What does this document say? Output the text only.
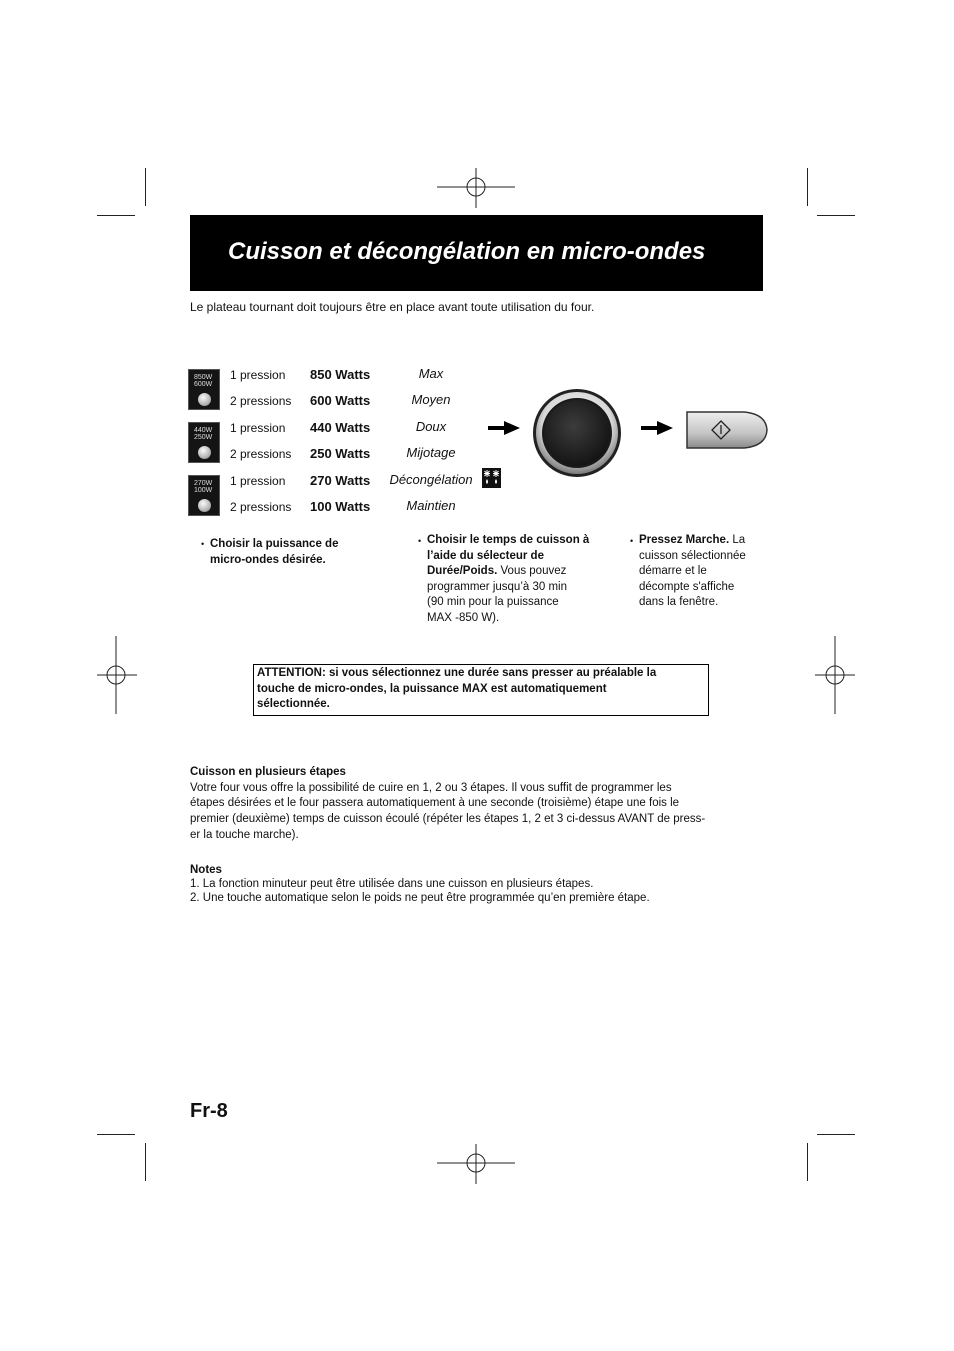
Cuisson et décongélation en micro-ondes
Le plateau tournant doit toujours être en place avant toute utilisation du four.
850W
600W
440W
250W
270W
100W
1 pression 850 Watts	Max
2 pressions 600 Watts	Moyen
1 pression 440 Watts	Doux
2 pressions 250 Watts	Mijotage
1 pression 270 Watts	Décongélation
2 pressions 100 Watts	Maintien
• Choisir la puissance de
micro-ondes désirée.
• Choisir le temps de cuisson à
l’aide du sélecteur de
Durée/Poids. Vous pouvez
programmer jusqu’à 30 min
(90 min pour la puissance
MAX -850 W).
• Pressez Marche. La
cuisson sélectionnée
démarre et le
décompte s'affiche
dans la fenêtre.
ATTENTION: si vous sélectionnez une durée sans presser au préalable la
touche de micro-ondes, la puissance MAX est automatiquement
sélectionnée.
Cuisson en plusieurs étapes
Votre four vous offre la possibilité de cuire en 1, 2 ou 3 étapes. Il vous suffit de programmer les
étapes désirées et le four passera automatiquement à une seconde (troisième) étape une fois le
premier (deuxième) temps de cuisson écoulé (répéter les étapes 1, 2 et 3 ci-dessus AVANT de press-
er la touche marche).
Notes
1. La fonction minuteur peut être utilisée dans une cuisson en plusieurs étapes.
2. Une touche automatique selon le poids ne peut être programmée qu’en première étape.
Fr-8
